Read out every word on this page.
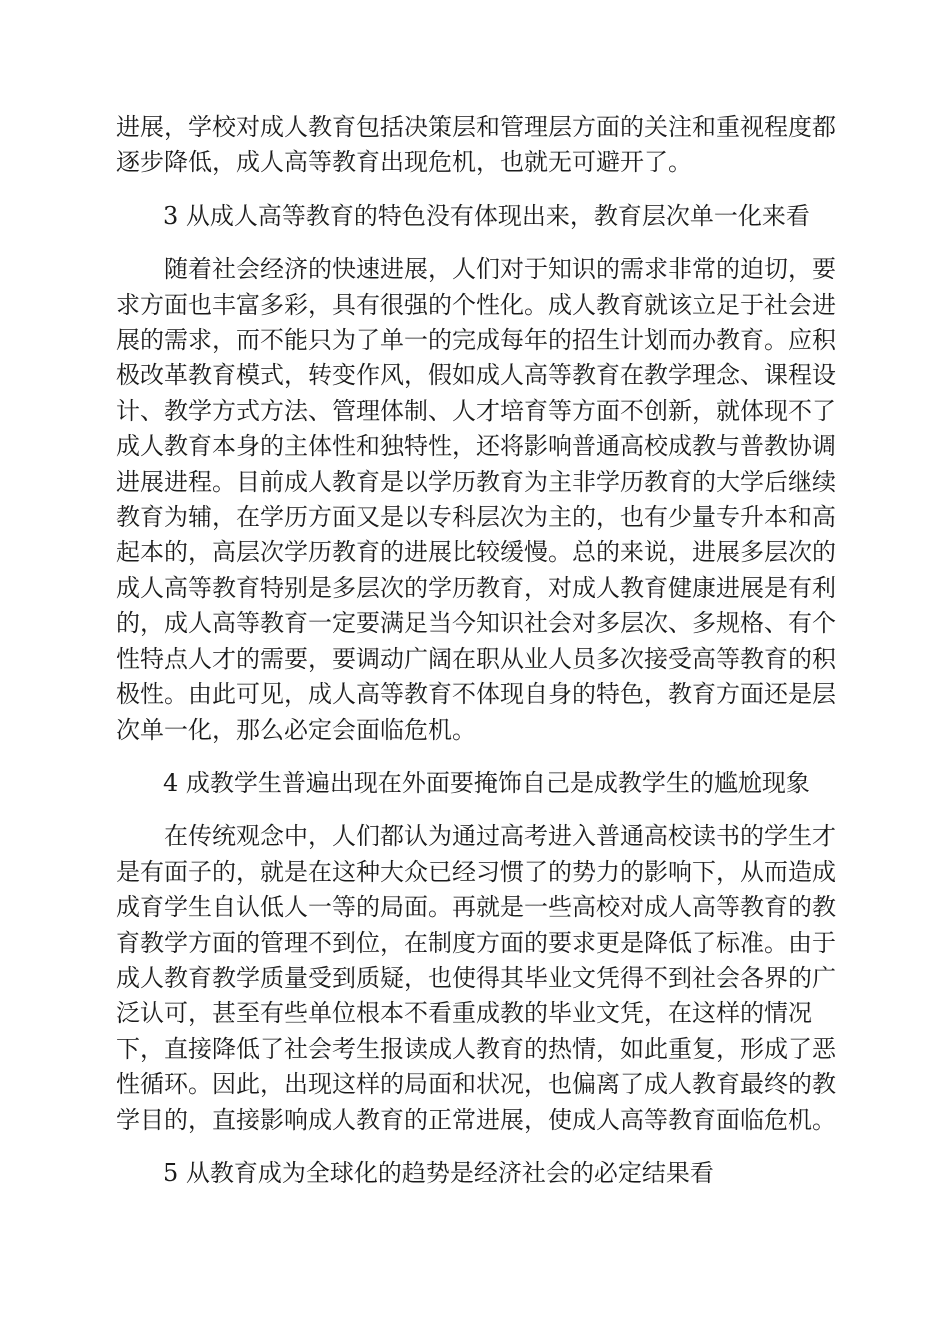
进展，学校对成人教育包括决策层和管理层方面的关注和重视程度都逐步降低，成人高等教育出现危机，也就无可避开了。

3 从成人高等教育的特色没有体现出来，教育层次单一化来看

随着社会经济的快速进展，人们对于知识的需求非常的迫切，要求方面也丰富多彩，具有很强的个性化。成人教育就该立足于社会进展的需求，而不能只为了单一的完成每年的招生计划而办教育。应积极改革教育模式，转变作风，假如成人高等教育在教学理念、课程设计、教学方式方法、管理体制、人才培育等方面不创新，就体现不了成人教育本身的主体性和独特性，还将影响普通高校成教与普教协调进展进程。目前成人教育是以学历教育为主非学历教育的大学后继续教育为辅，在学历方面又是以专科层次为主的，也有少量专升本和高起本的，高层次学历教育的进展比较缓慢。总的来说，进展多层次的成人高等教育特别是多层次的学历教育，对成人教育健康进展是有利的，成人高等教育一定要满足当今知识社会对多层次、多规格、有个性特点人才的需要，要调动广阔在职从业人员多次接受高等教育的积极性。由此可见，成人高等教育不体现自身的特色，教育方面还是层次单一化，那么必定会面临危机。

4 成教学生普遍出现在外面要掩饰自己是成教学生的尴尬现象

在传统观念中，人们都认为通过高考进入普通高校读书的学生才是有面子的，就是在这种大众已经习惯了的势力的影响下，从而造成成育学生自认低人一等的局面。再就是一些高校对成人高等教育的教育教学方面的管理不到位，在制度方面的要求更是降低了标准。由于成人教育教学质量受到质疑，也使得其毕业文凭得不到社会各界的广泛认可，甚至有些单位根本不看重成教的毕业文凭，在这样的情况下，直接降低了社会考生报读成人教育的热情，如此重复，形成了恶性循环。因此，出现这样的局面和状况，也偏离了成人教育最终的教学目的，直接影响成人教育的正常进展，使成人高等教育面临危机。

5 从教育成为全球化的趋势是经济社会的必定结果看
